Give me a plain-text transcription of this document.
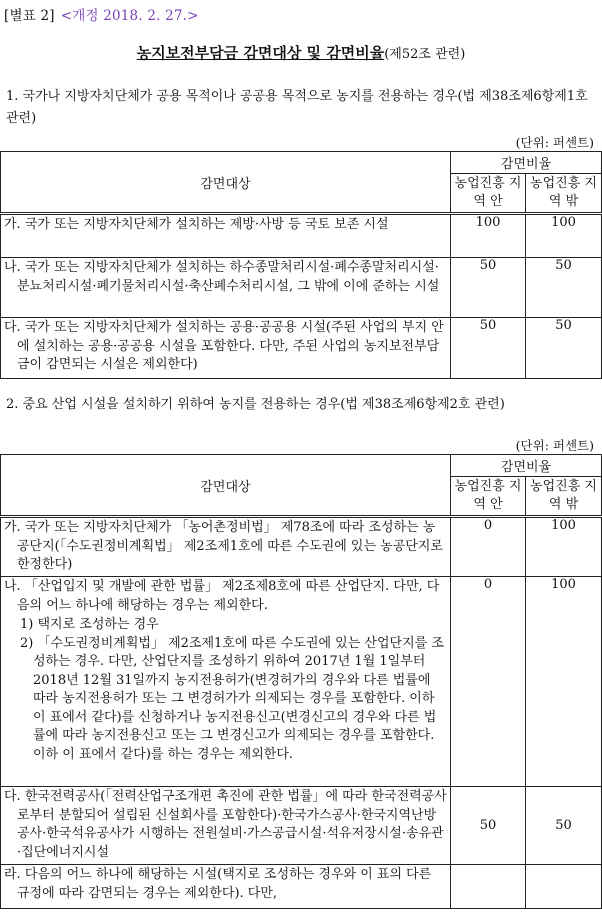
[별표 2] <개정 2018. 2. 27.>
농지보전부담금 감면대상 및 감면비율(제52조 관련)
1. 국가나 지방자치단체가 공용 목적이나 공공용 목적으로 농지를 전용하는 경우(법 제38조제6항제1호 관련)
(단위: 퍼센트)
감면대상	감면비율	
	농업진흥 지역 안	농업진흥 지역 밖

가. 국가 또는 지방자치단체가 설치하는 제방·사방 등 국토 보존 시설	100	100

나. 국가 또는 지방자치단체가 설치하는 하수종말처리시설·폐수종말처리시설·분뇨처리시설·폐기물처리시설·축산폐수처리시설, 그 밖에 이에 준하는 시설	50	50

다. 국가 또는 지방자치단체가 설치하는 공용·공공용 시설(주된 사업의 부지 안에 설치하는 공용·공공용 시설을 포함한다. 다만, 주된 사업의 농지보전부담금이 감면되는 시설은 제외한다)	50	50
2. 중요 산업 시설을 설치하기 위하여 농지를 전용하는 경우(법 제38조제6항제2호 관련)
(단위: 퍼센트)
감면대상	감면비율	
	농업진흥 지역 안	농업진흥 지역 밖

가. 국가 또는 지방자치단체가 「농어촌정비법」 제78조에 따라 조성하는 농공단지(「수도권정비계획법」 제2조제1호에 따른 수도권에 있는 농공단지로 한정한다)	0	100

나. 「산업입지 및 개발에 관한 법률」 제2조제8호에 따른 산업단지. 다만, 다음의 어느 하나에 해당하는 경우는 제외한다.
1) 택지로 조성하는 경우
2) 「수도권정비계획법」 제2조제1호에 따른 수도권에 있는 산업단지를 조성하는 경우. 다만, 산업단지를 조성하기 위하여 2017년 1월 1일부터 2018년 12월 31일까지 농지전용허가(변경허가의 경우와 다른 법률에 따라 농지전용허가 또는 그 변경허가가 의제되는 경우를 포함한다. 이하 이 표에서 같다)를 신청하거나 농지전용신고(변경신고의 경우와 다른 법률에 따라 농지전용신고 또는 그 변경신고가 의제되는 경우를 포함한다. 이하 이 표에서 같다)를 하는 경우는 제외한다.	0	100

다. 한국전력공사(「전력산업구조개편 촉진에 관한 법률」에 따라 한국전력공사로부터 분할되어 설립된 신설회사를 포함한다)·한국가스공사·한국지역난방공사·한국석유공사가 시행하는 전원설비·가스공급시설·석유저장시설·송유관·집단에너지시설	50	50

라. 다음의 어느 하나에 해당하는 시설(택지로 조성하는 경우와 이 표의 다른 규정에 따라 감면되는 경우는 제외한다). 다만,		
